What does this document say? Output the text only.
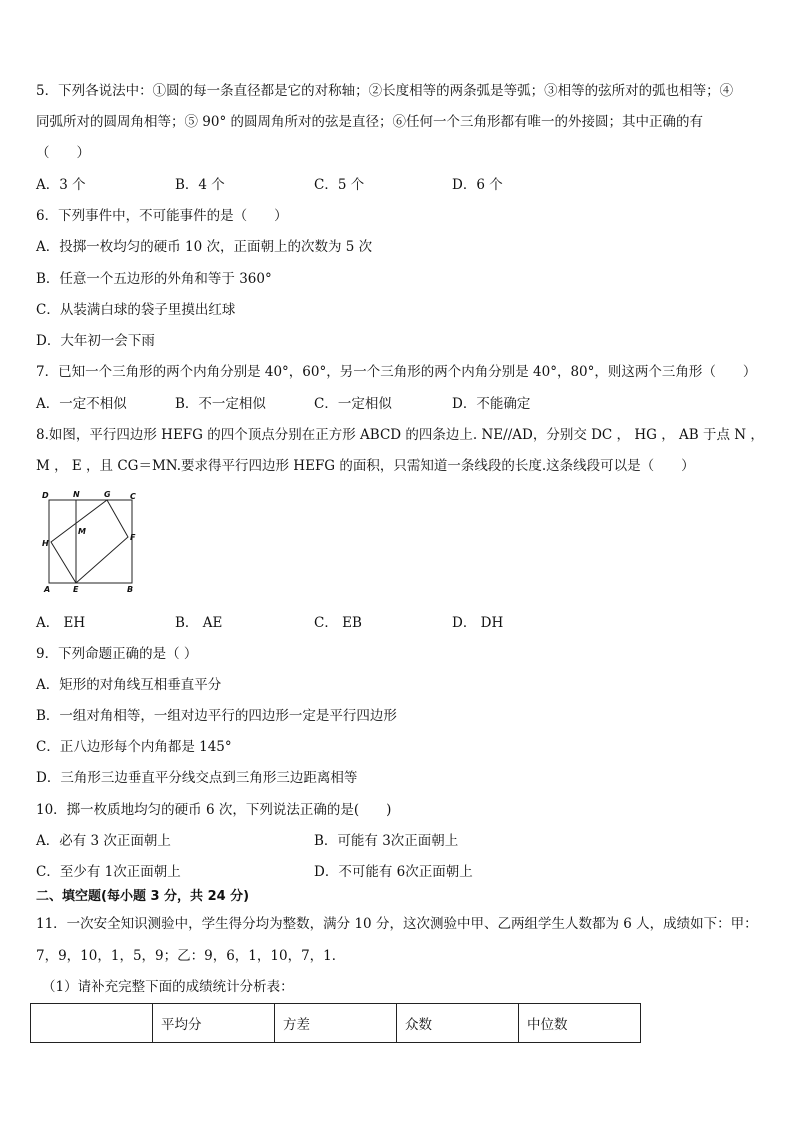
5．下列各说法中：①圆的每一条直径都是它的对称轴；②长度相等的两条弧是等弧；③相等的弦所对的弧也相等；④
同弧所对的圆周角相等；⑤ 90° 的圆周角所对的弦是直径；⑥任何一个三角形都有唯一的外接圆；其中正确的有
（　　）
A．3 个	B．4 个	C．5 个	D．6 个
6．下列事件中，不可能事件的是（　　）
A．投掷一枚均匀的硬币 10 次，正面朝上的次数为 5 次
B．任意一个五边形的外角和等于 360°
C．从装满白球的袋子里摸出红球
D．大年初一会下雨
7．已知一个三角形的两个内角分别是 40°，60°，另一个三角形的两个内角分别是 40°，80°，则这两个三角形（　　）
A．一定不相似	B．不一定相似	C．一定相似	D．不能确定
8.如图，平行四边形 HEFG 的四个顶点分别在正方形 ABCD 的四条边上. NE//AD，分别交 DC ， HG ， AB 于点 N ，
M ， E ，且 CG＝MN.要求得平行四边形 HEFG 的面积，只需知道一条线段的长度.这条线段可以是（　　）
D	N	G C
M
H
F
A	E	B
A． EH	B． AE	C． EB	D． DH
9．下列命题正确的是（ ）
A．矩形的对角线互相垂直平分
B．一组对角相等，一组对边平行的四边形一定是平行四边形
C．正八边形每个内角都是 145°
D．三角形三边垂直平分线交点到三角形三边距离相等
10．掷一枚质地均匀的硬币 6 次，下列说法正确的是(　　)
A．必有 3 次正面朝上	B．可能有 3次正面朝上
C．至少有 1次正面朝上	D．不可能有 6次正面朝上
二、填空题(每小题 3 分，共 24 分)
11．一次安全知识测验中，学生得分均为整数，满分 10 分，这次测验中甲、乙两组学生人数都为 6 人，成绩如下：甲：
7，9，10，1，5，9；乙：9，6，1，10，7，1．
（1）请补充完整下面的成绩统计分析表：
	平均分	方差	众数	中位数
